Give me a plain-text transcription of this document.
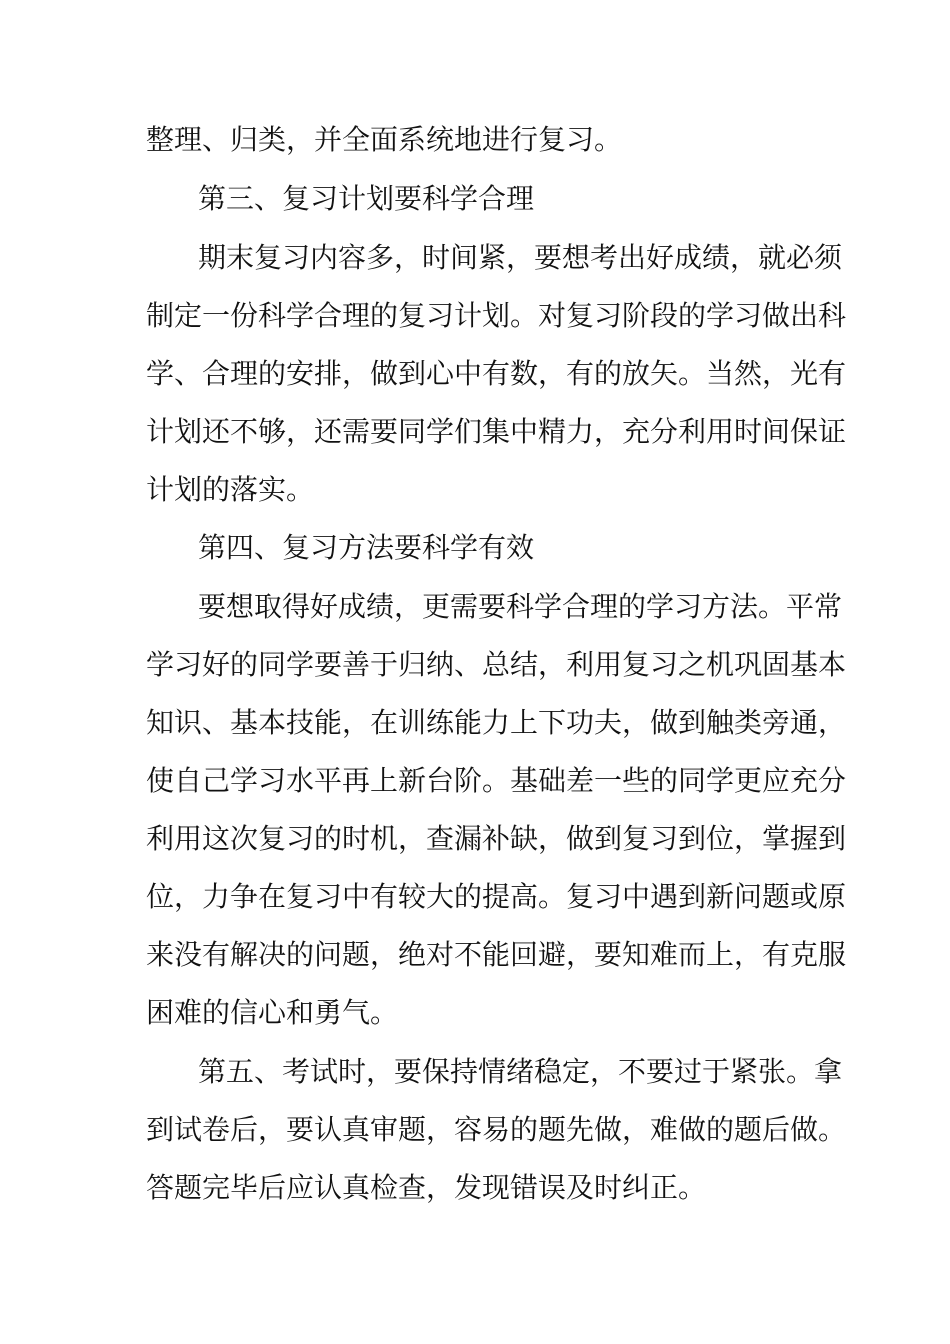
整理、归类，并全面系统地进行复习。
第三、复习计划要科学合理
期末复习内容多，时间紧，要想考出好成绩，就必须
制定一份科学合理的复习计划。对复习阶段的学习做出科
学、合理的安排，做到心中有数，有的放矢。当然，光有
计划还不够，还需要同学们集中精力，充分利用时间保证
计划的落实。
第四、复习方法要科学有效
要想取得好成绩，更需要科学合理的学习方法。平常
学习好的同学要善于归纳、总结，利用复习之机巩固基本
知识、基本技能，在训练能力上下功夫，做到触类旁通，
使自己学习水平再上新台阶。基础差一些的同学更应充分
利用这次复习的时机，查漏补缺，做到复习到位，掌握到
位，力争在复习中有较大的提高。复习中遇到新问题或原
来没有解决的问题，绝对不能回避，要知难而上，有克服
困难的信心和勇气。
第五、考试时，要保持情绪稳定，不要过于紧张。拿
到试卷后，要认真审题，容易的题先做，难做的题后做。
答题完毕后应认真检查，发现错误及时纠正。
